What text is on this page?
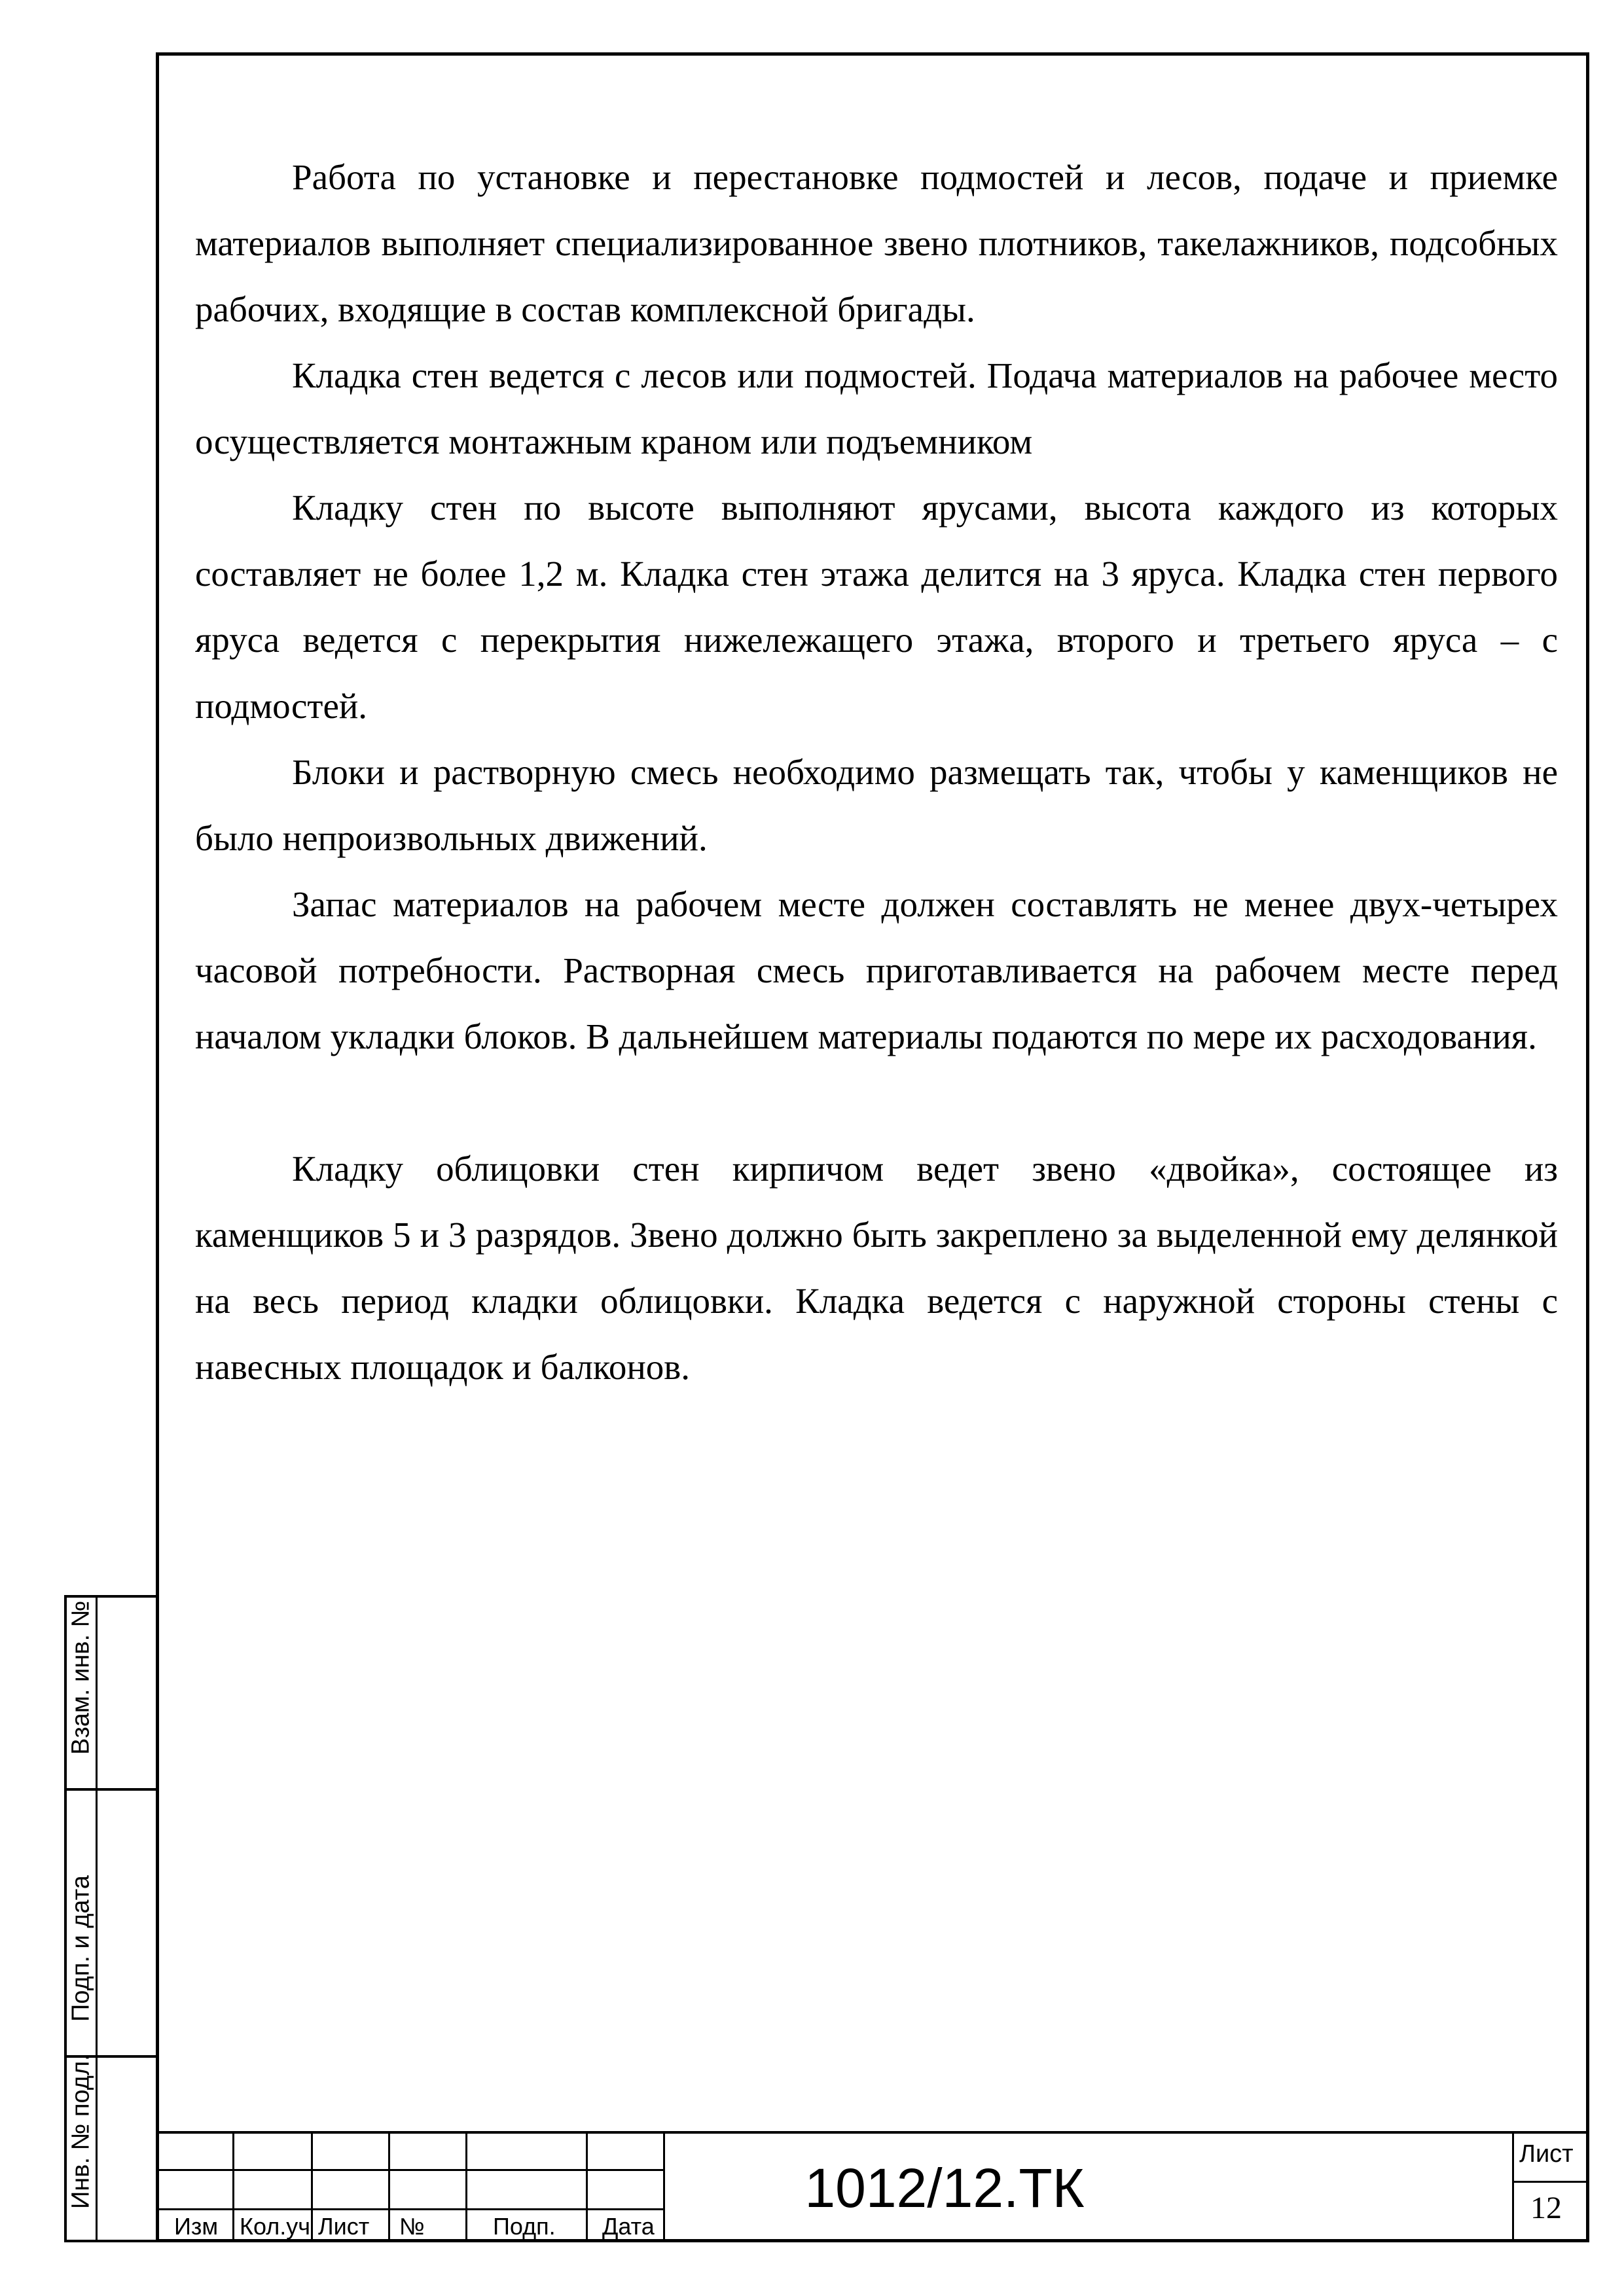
Работа по установке и перестановке подмостей и лесов, подаче и приемке материалов выполняет специализированное звено плотников, такелажников, подсобных рабочих, входящие в состав комплексной бригады.

Кладка стен ведется с лесов или подмостей. Подача материалов на рабочее место осуществляется монтажным краном или подъемником

Кладку стен по высоте выполняют ярусами, высота каждого из которых составляет не более 1,2 м. Кладка стен этажа делится на 3 яруса. Кладка стен первого яруса ведется с перекрытия нижележащего этажа, второго и третьего яруса – с подмостей.

Блоки и растворную смесь необходимо размещать так, чтобы у каменщиков не было непроизвольных движений.

Запас материалов на рабочем месте должен составлять не менее двух-четырех часовой потребности. Растворная смесь приготавливается на рабочем месте перед началом укладки блоков. В дальнейшем материалы подаются по мере их расходования.

Кладку облицовки стен кирпичом ведет звено «двойка», состоящее из каменщиков 5 и 3 разрядов. Звено должно быть закреплено за выделенной ему делянкой на весь период кладки облицовки. Кладка ведется с наружной стороны стены с навесных площадок и балконов.

Взам. инв. №
Подп. и дата
Инв. № подл.
Изм Кол.уч Лист №	Подп. Дата
1012/12.ТК
Лист
12
